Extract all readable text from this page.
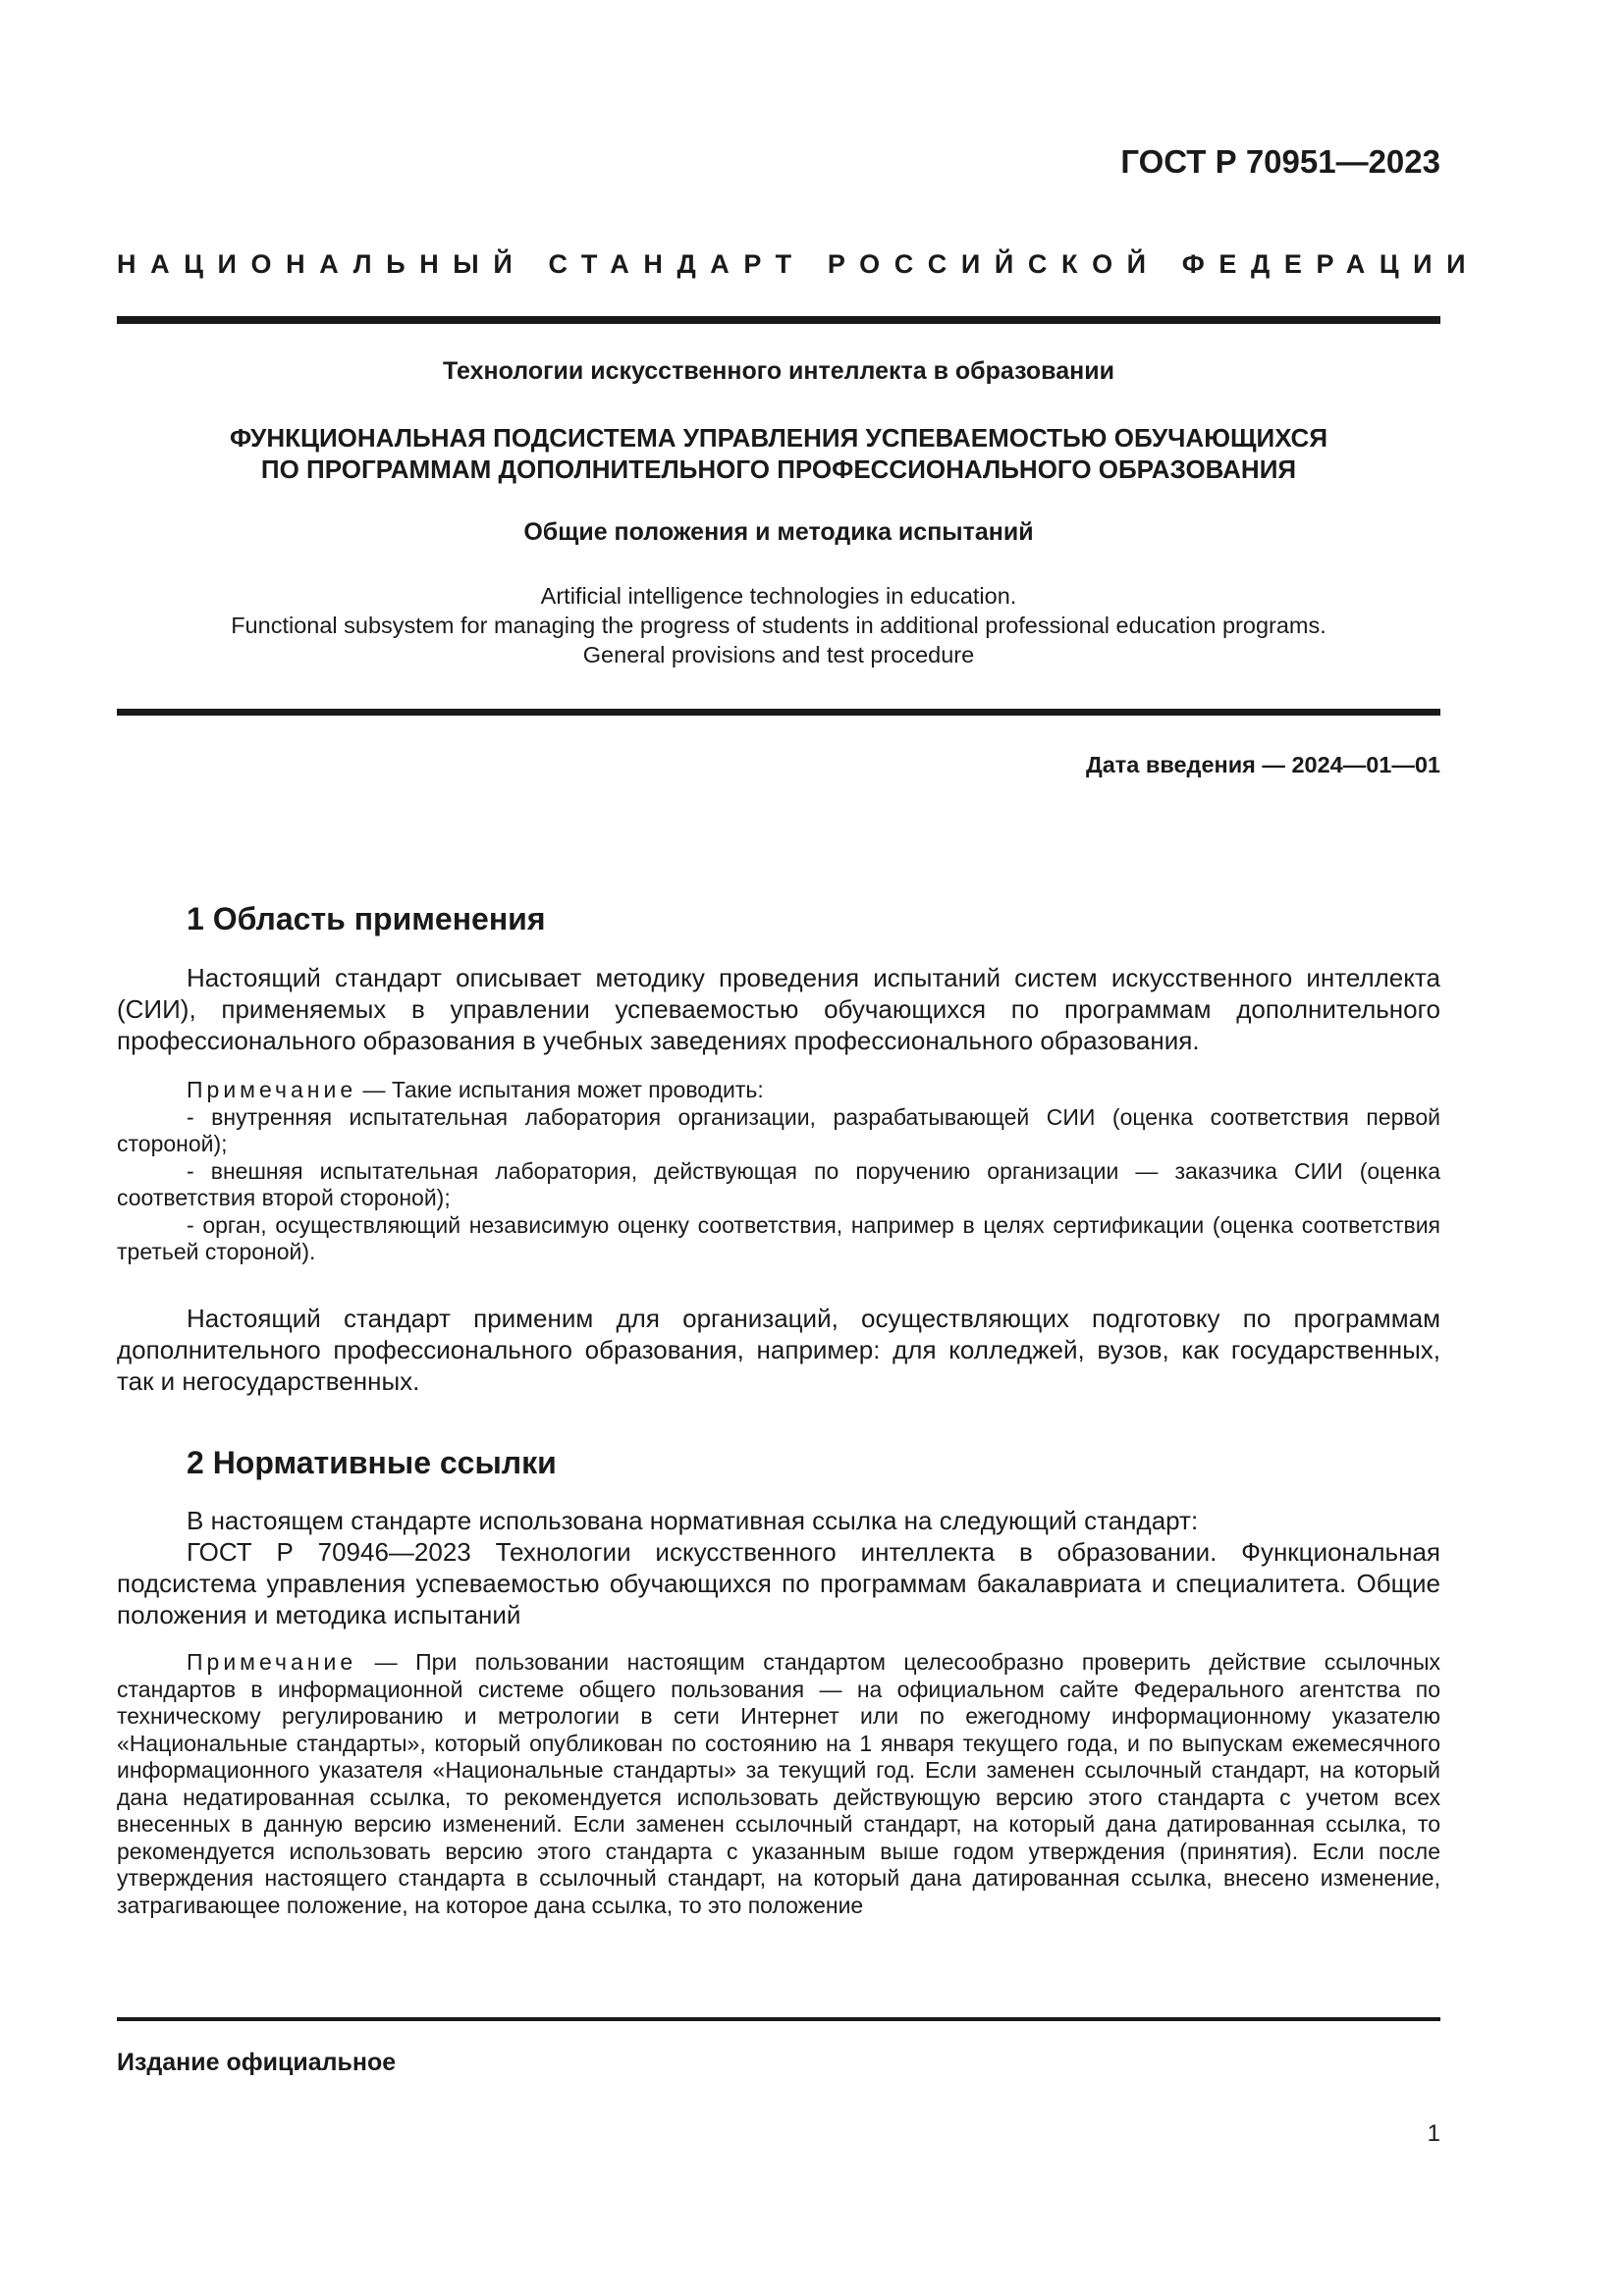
ГОСТ Р 70951—2023
НАЦИОНАЛЬНЫЙ СТАНДАРТ РОССИЙСКОЙ ФЕДЕРАЦИИ
Технологии искусственного интеллекта в образовании
ФУНКЦИОНАЛЬНАЯ ПОДСИСТЕМА УПРАВЛЕНИЯ УСПЕВАЕМОСТЬЮ ОБУЧАЮЩИХСЯ
ПО ПРОГРАММАМ ДОПОЛНИТЕЛЬНОГО ПРОФЕССИОНАЛЬНОГО ОБРАЗОВАНИЯ
Общие положения и методика испытаний
Artificial intelligence technologies in education.
Functional subsystem for managing the progress of students in additional professional education programs.
General provisions and test procedure
Дата введения — 2024—01—01
1 Область применения

Настоящий стандарт описывает методику проведения испытаний систем искусственного интеллекта (СИИ), применяемых в управлении успеваемостью обучающихся по программам дополнительного профессионального образования в учебных заведениях профессионального образования.

Примечание — Такие испытания может проводить:

- внутренняя испытательная лаборатория организации, разрабатывающей СИИ (оценка соответствия первой стороной);

- внешняя испытательная лаборатория, действующая по поручению организации — заказчика СИИ (оценка соответствия второй стороной);

- орган, осуществляющий независимую оценку соответствия, например в целях сертификации (оценка соответствия третьей стороной).

Настоящий стандарт применим для организаций, осуществляющих подготовку по программам дополнительного профессионального образования, например: для колледжей, вузов, как государственных, так и негосударственных.

2 Нормативные ссылки

В настоящем стандарте использована нормативная ссылка на следующий стандарт:

ГОСТ Р 70946—2023 Технологии искусственного интеллекта в образовании. Функциональная подсистема управления успеваемостью обучающихся по программам бакалавриата и специалитета. Общие положения и методика испытаний

Примечание — При пользовании настоящим стандартом целесообразно проверить действие ссылочных стандартов в информационной системе общего пользования — на официальном сайте Федерального агентства по техническому регулированию и метрологии в сети Интернет или по ежегодному информационному указателю «Национальные стандарты», который опубликован по состоянию на 1 января текущего года, и по выпускам ежемесячного информационного указателя «Национальные стандарты» за текущий год. Если заменен ссылочный стандарт, на который дана недатированная ссылка, то рекомендуется использовать действующую версию этого стандарта с учетом всех внесенных в данную версию изменений. Если заменен ссылочный стандарт, на который дана датированная ссылка, то рекомендуется использовать версию этого стандарта с указанным выше годом утверждения (принятия). Если после утверждения настоящего стандарта в ссылочный стандарт, на который дана датированная ссылка, внесено изменение, затрагивающее положение, на которое дана ссылка, то это положение

Издание официальное
1
